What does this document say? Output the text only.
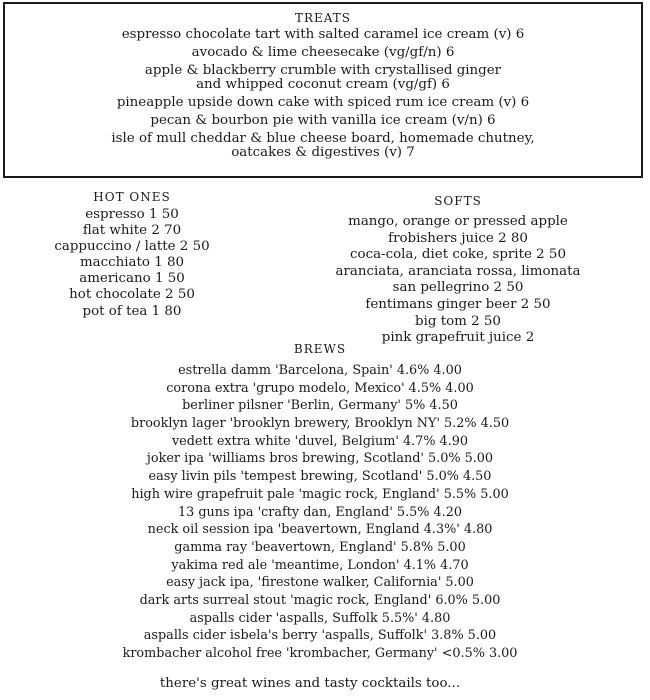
TREATS

espresso chocolate tart with salted caramel ice cream (v) 6

avocado & lime cheesecake (vg/gf/n) 6

apple & blackberry crumble with crystallised ginger

and whipped coconut cream (vg/gf) 6

pineapple upside down cake with spiced rum ice cream (v) 6

pecan & bourbon pie with vanilla ice cream (v/n) 6

isle of mull cheddar & blue cheese board, homemade chutney,

oatcakes & digestives (v) 7

HOT ONES

espresso 1 50

flat white 2 70

cappuccino / latte 2 50

macchiato 1 80

americano 1 50

hot chocolate 2 50

pot of tea 1 80

SOFTS

mango, orange or pressed apple

frobishers juice 2 80

coca-cola, diet coke, sprite 2 50

aranciata, aranciata rossa, limonata

san pellegrino 2 50

fentimans ginger beer 2 50

big tom 2 50

pink grapefruit juice 2

BREWS

estrella damm 'Barcelona, Spain' 4.6% 4.00

corona extra 'grupo modelo, Mexico' 4.5% 4.00

berliner pilsner 'Berlin, Germany' 5% 4.50

brooklyn lager 'brooklyn brewery, Brooklyn NY' 5.2% 4.50

vedett extra white 'duvel, Belgium' 4.7% 4.90

joker ipa 'williams bros brewing, Scotland' 5.0% 5.00

easy livin pils 'tempest brewing, Scotland' 5.0% 4.50

high wire grapefruit pale 'magic rock, England' 5.5% 5.00

13 guns ipa 'crafty dan, England' 5.5% 4.20

neck oil session ipa 'beavertown, England 4.3%' 4.80

gamma ray 'beavertown, England' 5.8% 5.00

yakima red ale 'meantime, London' 4.1% 4.70

easy jack ipa, 'firestone walker, California' 5.00

dark arts surreal stout 'magic rock, England' 6.0% 5.00

aspalls cider 'aspalls, Suffolk 5.5%' 4.80

aspalls cider isbela's berry 'aspalls, Suffolk' 3.8% 5.00

krombacher alcohol free 'krombacher, Germany' <0.5% 3.00

there's great wines and tasty cocktails too...
